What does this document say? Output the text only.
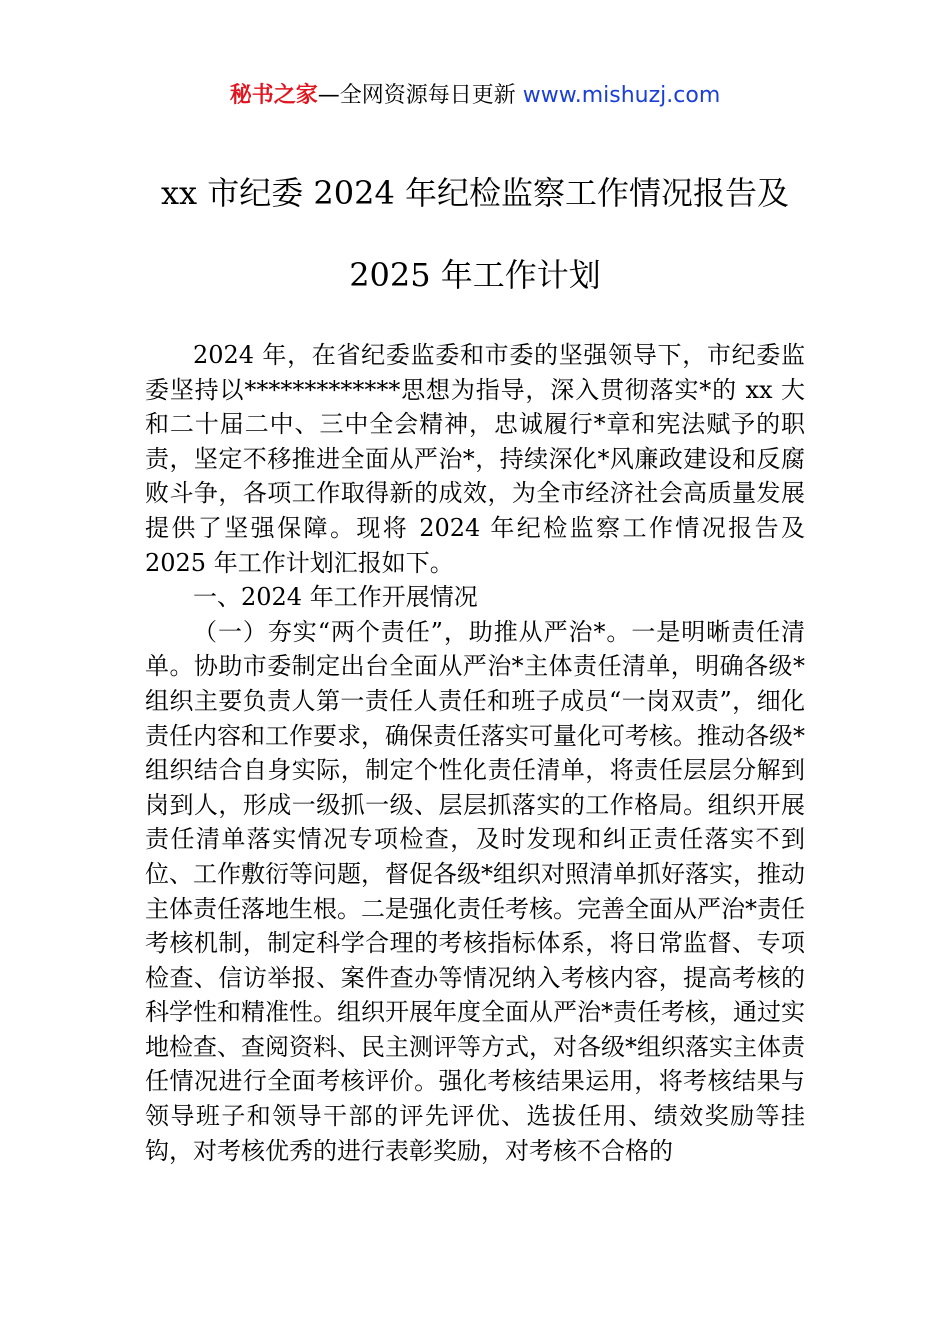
秘书之家—全网资源每日更新 www.mishuzj.com
xx 市纪委 2024 年纪检监察工作情况报告及
2025 年工作计划

2024 年，在省纪委监委和市委的坚强领导下，市纪委监委坚持以*************思想为指导，深入贯彻落实*的 xx 大和二十届二中、三中全会精神，忠诚履行*章和宪法赋予的职责，坚定不移推进全面从严治*，持续深化*风廉政建设和反腐败斗争，各项工作取得新的成效，为全市经济社会高质量发展提供了坚强保障。现将 2024 年纪检监察工作情况报告及 2025 年工作计划汇报如下。

一、2024 年工作开展情况

（一）夯实“两个责任”，助推从严治*。一是明晰责任清单。协助市委制定出台全面从严治*主体责任清单，明确各级*组织主要负责人第一责任人责任和班子成员“一岗双责”，细化责任内容和工作要求，确保责任落实可量化可考核。推动各级*组织结合自身实际，制定个性化责任清单，将责任层层分解到岗到人，形成一级抓一级、层层抓落实的工作格局。组织开展责任清单落实情况专项检查，及时发现和纠正责任落实不到位、工作敷衍等问题，督促各级*组织对照清单抓好落实，推动主体责任落地生根。二是强化责任考核。完善全面从严治*责任考核机制，制定科学合理的考核指标体系，将日常监督、专项检查、信访举报、案件查办等情况纳入考核内容，提高考核的科学性和精准性。组织开展年度全面从严治*责任考核，通过实地检查、查阅资料、民主测评等方式，对各级*组织落实主体责任情况进行全面考核评价。强化考核结果运用，将考核结果与领导班子和领导干部的评先评优、选拔任用、绩效奖励等挂钩，对考核优秀的进行表彰奖励，对考核不合格的
